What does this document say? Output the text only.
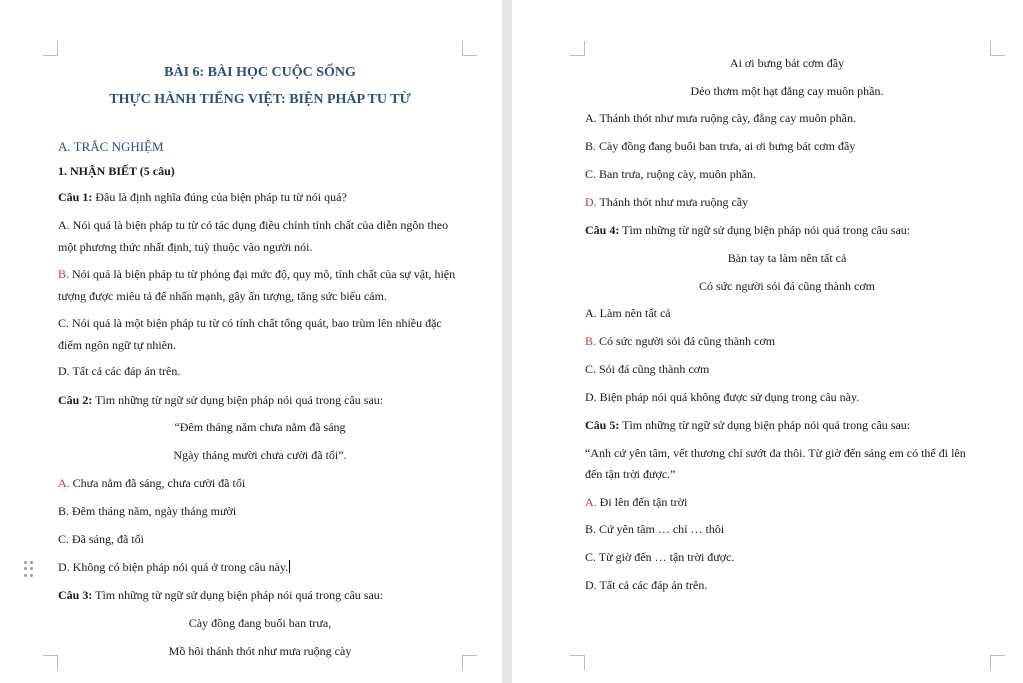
BÀI 6: BÀI HỌC CUỘC SỐNG
THỰC HÀNH TIẾNG VIỆT: BIỆN PHÁP TU TỪ
A. TRẮC NGHIỆM
1. NHẬN BIẾT (5 câu)
Câu 1: Đâu là định nghĩa đúng của biện pháp tu từ nói quá?
A. Nói quá là biện pháp tu từ có tác dụng điều chỉnh tính chất của diễn ngôn theo
một phương thức nhất định, tuỳ thuộc vào người nói.
B. Nói quá là biện pháp tu từ phóng đại mức độ, quy mô, tính chất của sự vật, hiện
tượng được miêu tả để nhấn mạnh, gây ấn tượng, tăng sức biểu cảm.
C. Nói quá là một biện pháp tu từ có tính chất tổng quát, bao trùm lên nhiều đặc
điểm ngôn ngữ tự nhiên.
D. Tất cả các đáp án trên.
Câu 2: Tìm những từ ngữ sử dụng biện pháp nói quá trong câu sau:
“Đêm tháng năm chưa nằm đã sáng
Ngày tháng mười chưa cười đã tối”.
A. Chưa nằm đã sáng, chưa cười đã tối
B. Đêm tháng năm, ngày tháng mười
C. Đã sáng, đã tối
D. Không có biện pháp nói quá ở trong câu này.
Câu 3: Tìm những từ ngữ sử dụng biện pháp nói quá trong câu sau:
Cày đồng đang buổi ban trưa,
Mồ hôi thánh thót như mưa ruộng cày
Ai ơi bưng bát cơm đầy
Dẻo thơm một hạt đắng cay muôn phần.
A. Thánh thót như mưa ruộng cày, đắng cay muôn phần.
B. Cày đồng đang buổi ban trưa, ai ơi bưng bát cơm đầy
C. Ban trưa, ruộng cày, muôn phần.
D. Thánh thót như mưa ruộng cầy
Câu 4: Tìm những từ ngữ sử dụng biện pháp nói quá trong câu sau:
Bàn tay ta làm nên tất cả
Có sức người sỏi đá cũng thành cơm
A. Làm nên tất cả
B. Có sức người sỏi đá cũng thành cơm
C. Sỏi đá cũng thành cơm
D. Biện pháp nói quá không được sử dụng trong câu này.
Câu 5: Tìm những từ ngữ sử dụng biện pháp nói quá trong câu sau:
“Anh cứ yên tâm, vết thương chỉ sướt da thôi. Từ giờ đến sáng em có thể đi lên
đến tận trời được.”
A. Đi lên đến tận trời
B. Cứ yên tâm … chỉ … thôi
C. Từ giờ đến … tận trời được.
D. Tất cả các đáp án trên.
